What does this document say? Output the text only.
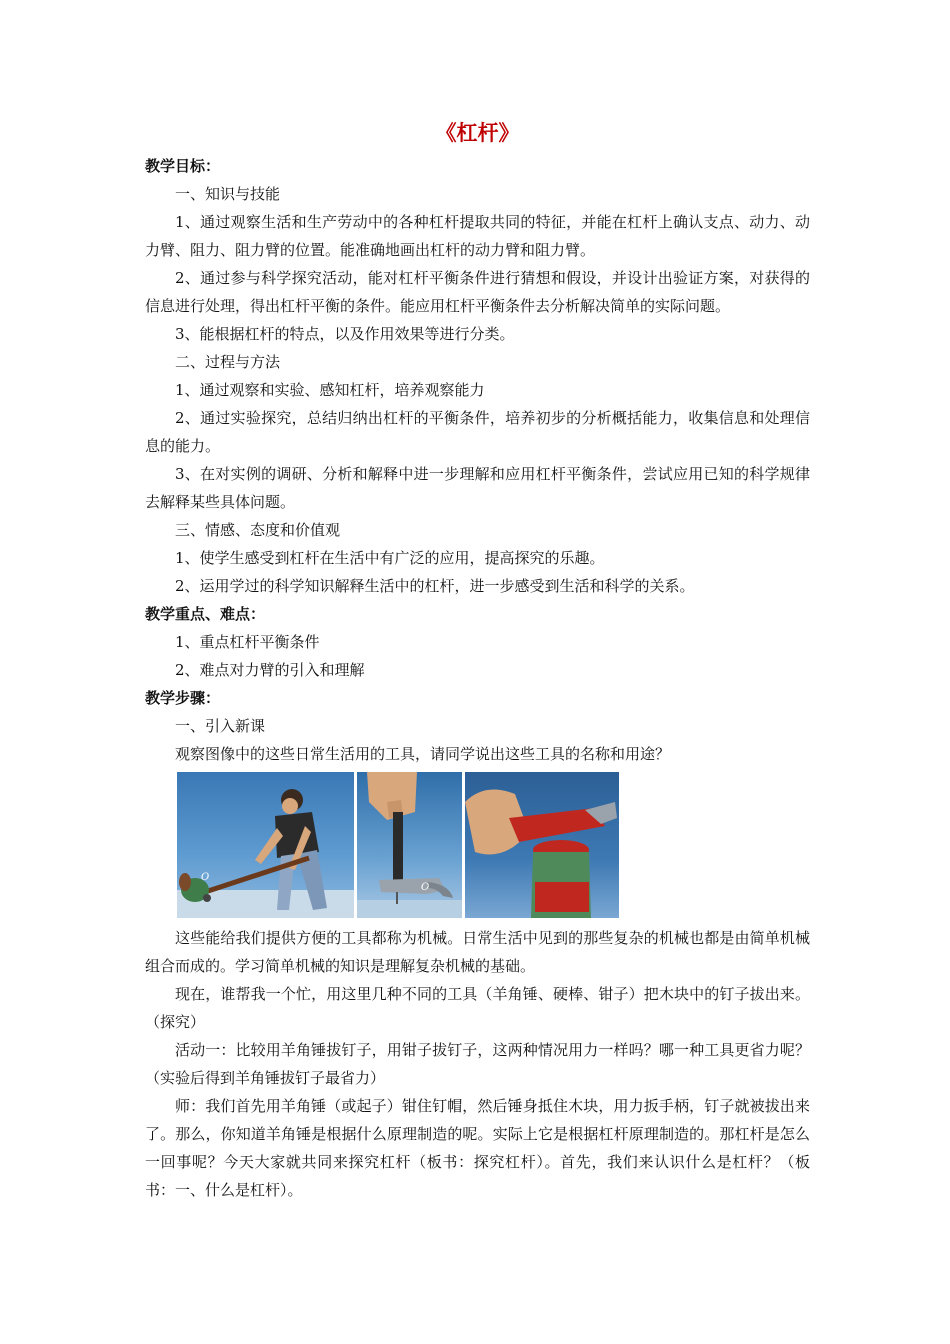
《杠杆》
教学目标：
一、知识与技能
1、通过观察生活和生产劳动中的各种杠杆提取共同的特征，并能在杠杆上确认支点、动力、动力臂、阻力、阻力臂的位置。能准确地画出杠杆的动力臂和阻力臂。
2、通过参与科学探究活动，能对杠杆平衡条件进行猜想和假设，并设计出验证方案，对获得的信息进行处理，得出杠杆平衡的条件。能应用杠杆平衡条件去分析解决简单的实际问题。
3、能根据杠杆的特点，以及作用效果等进行分类。
二、过程与方法
1、通过观察和实验、感知杠杆，培养观察能力
2、通过实验探究，总结归纳出杠杆的平衡条件，培养初步的分析概括能力，收集信息和处理信息的能力。
3、在对实例的调研、分析和解释中进一步理解和应用杠杆平衡条件，尝试应用已知的科学规律去解释某些具体问题。
三、情感、态度和价值观
1、使学生感受到杠杆在生活中有广泛的应用，提高探究的乐趣。
2、运用学过的科学知识解释生活中的杠杆，进一步感受到生活和科学的关系。
教学重点、难点：
1、重点杠杆平衡条件
2、难点对力臂的引入和理解
教学步骤：
一、引入新课
观察图像中的这些日常生活用的工具，请同学说出这些工具的名称和用途？
O
O
这些能给我们提供方便的工具都称为机械。日常生活中见到的那些复杂的机械也都是由简单机械组合而成的。学习简单机械的知识是理解复杂机械的基础。
现在，谁帮我一个忙，用这里几种不同的工具（羊角锤、硬棒、钳子）把木块中的钉子拔出来。（探究）
活动一：比较用羊角锤拔钉子，用钳子拔钉子，这两种情况用力一样吗？哪一种工具更省力呢？（实验后得到羊角锤拔钉子最省力）
师：我们首先用羊角锤（或起子）钳住钉帽，然后锤身抵住木块，用力扳手柄，钉子就被拔出来了。那么，你知道羊角锤是根据什么原理制造的呢。实际上它是根据杠杆原理制造的。那杠杆是怎么一回事呢？今天大家就共同来探究杠杆（板书：探究杠杆）。首先，我们来认识什么是杠杆？（板书：一、什么是杠杆）。
